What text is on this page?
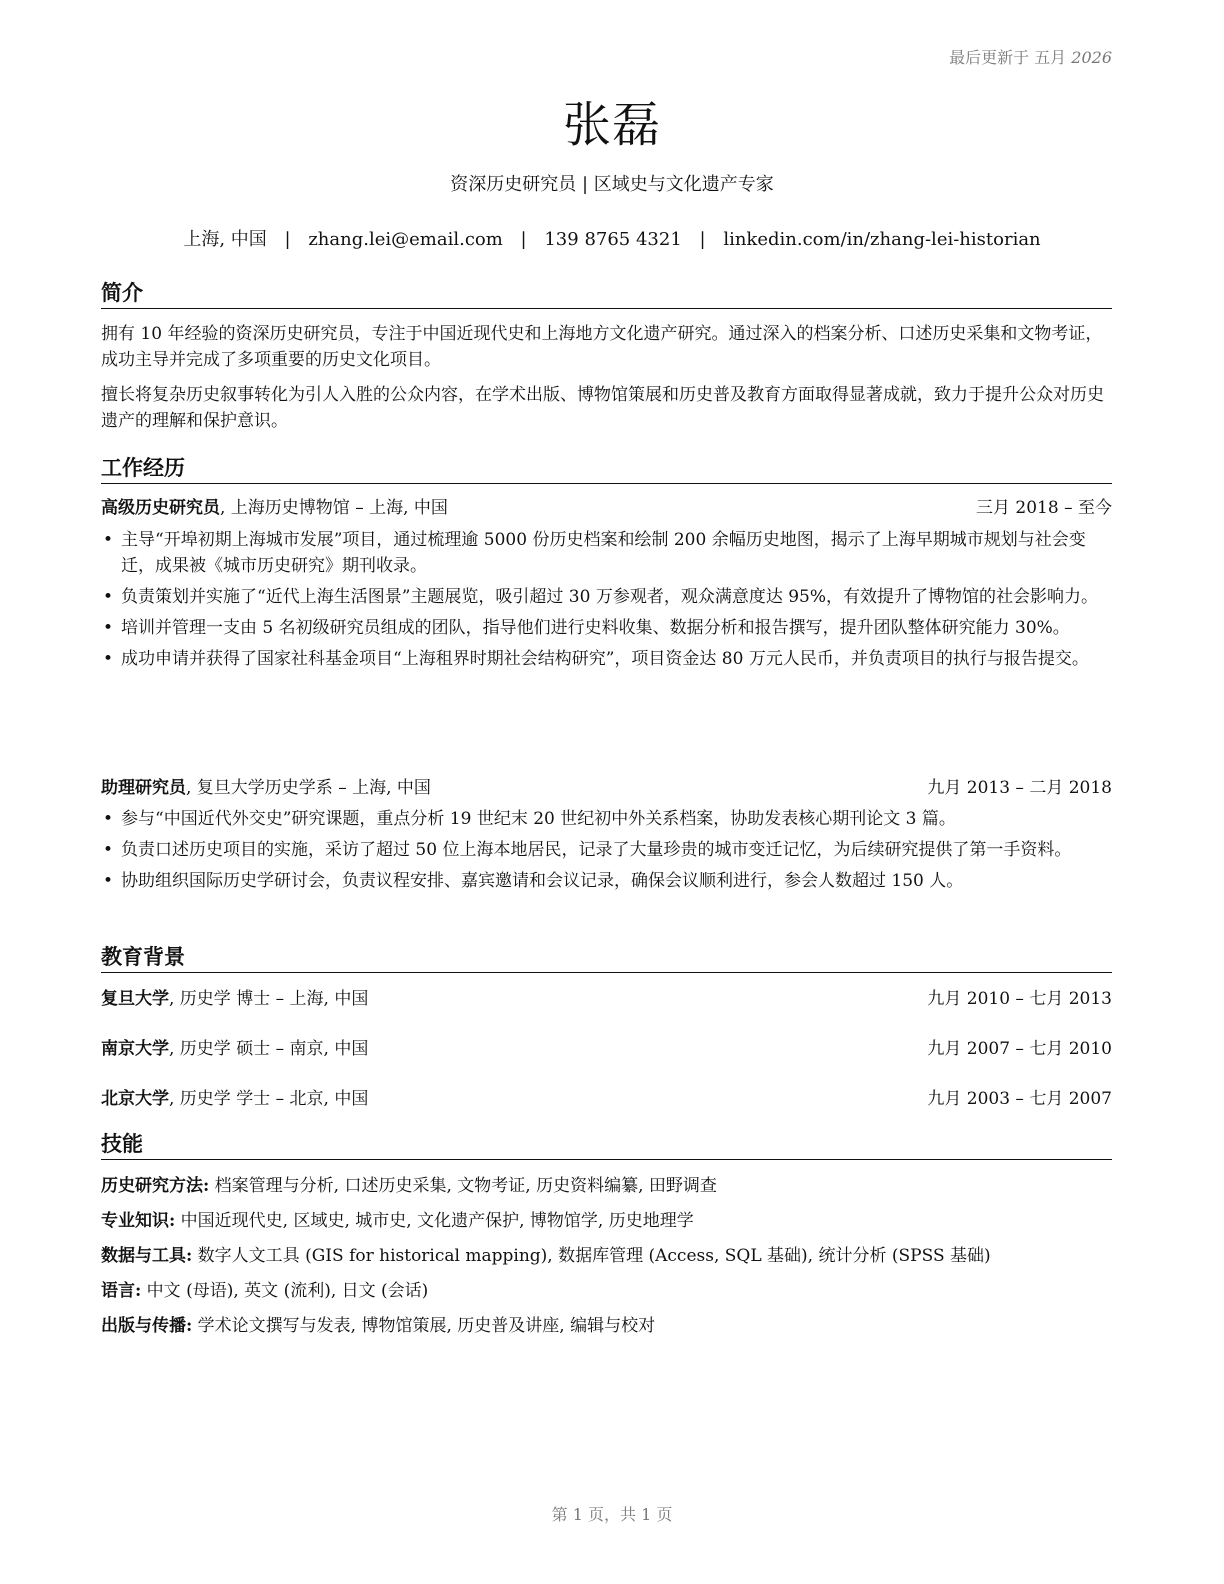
最后更新于 五月 2026
张磊
资深历史研究员 | 区域史与文化遗产专家
上海, 中国 | zhang.lei@email.com | 139 8765 4321 | linkedin.com/in/zhang-lei-historian
简介
拥有 10 年经验的资深历史研究员，专注于中国近现代史和上海地方文化遗产研究。通过深入的档案分析、口述历史采集和文物考证，成功主导并完成了多项重要的历史文化项目。
擅长将复杂历史叙事转化为引人入胜的公众内容，在学术出版、博物馆策展和历史普及教育方面取得显著成就，致力于提升公众对历史遗产的理解和保护意识。
工作经历
高级历史研究员, 上海历史博物馆 – 上海, 中国	三月 2018 – 至今
• 主导“开埠初期上海城市发展”项目，通过梳理逾 5000 份历史档案和绘制 200 余幅历史地图，揭示了上海早期城市规划与社会变迁，成果被《城市历史研究》期刊收录。
• 负责策划并实施了“近代上海生活图景”主题展览，吸引超过 30 万参观者，观众满意度达 95%，有效提升了博物馆的社会影响力。
• 培训并管理一支由 5 名初级研究员组成的团队，指导他们进行史料收集、数据分析和报告撰写，提升团队整体研究能力 30%。
• 成功申请并获得了国家社科基金项目“上海租界时期社会结构研究”，项目资金达 80 万元人民币，并负责项目的执行与报告提交。
助理研究员, 复旦大学历史学系 – 上海, 中国	九月 2013 – 二月 2018
• 参与“中国近代外交史”研究课题，重点分析 19 世纪末 20 世纪初中外关系档案，协助发表核心期刊论文 3 篇。
• 负责口述历史项目的实施，采访了超过 50 位上海本地居民，记录了大量珍贵的城市变迁记忆，为后续研究提供了第一手资料。
• 协助组织国际历史学研讨会，负责议程安排、嘉宾邀请和会议记录，确保会议顺利进行，参会人数超过 150 人。
教育背景
复旦大学, 历史学 博士 – 上海, 中国	九月 2010 – 七月 2013
南京大学, 历史学 硕士 – 南京, 中国	九月 2007 – 七月 2010
北京大学, 历史学 学士 – 北京, 中国	九月 2003 – 七月 2007
技能
历史研究方法: 档案管理与分析, 口述历史采集, 文物考证, 历史资料编纂, 田野调查
专业知识: 中国近现代史, 区域史, 城市史, 文化遗产保护, 博物馆学, 历史地理学
数据与工具: 数字人文工具 (GIS for historical mapping), 数据库管理 (Access, SQL 基础), 统计分析 (SPSS 基础)
语言: 中文 (母语), 英文 (流利), 日文 (会话)
出版与传播: 学术论文撰写与发表, 博物馆策展, 历史普及讲座, 编辑与校对
第 1 页，共 1 页
